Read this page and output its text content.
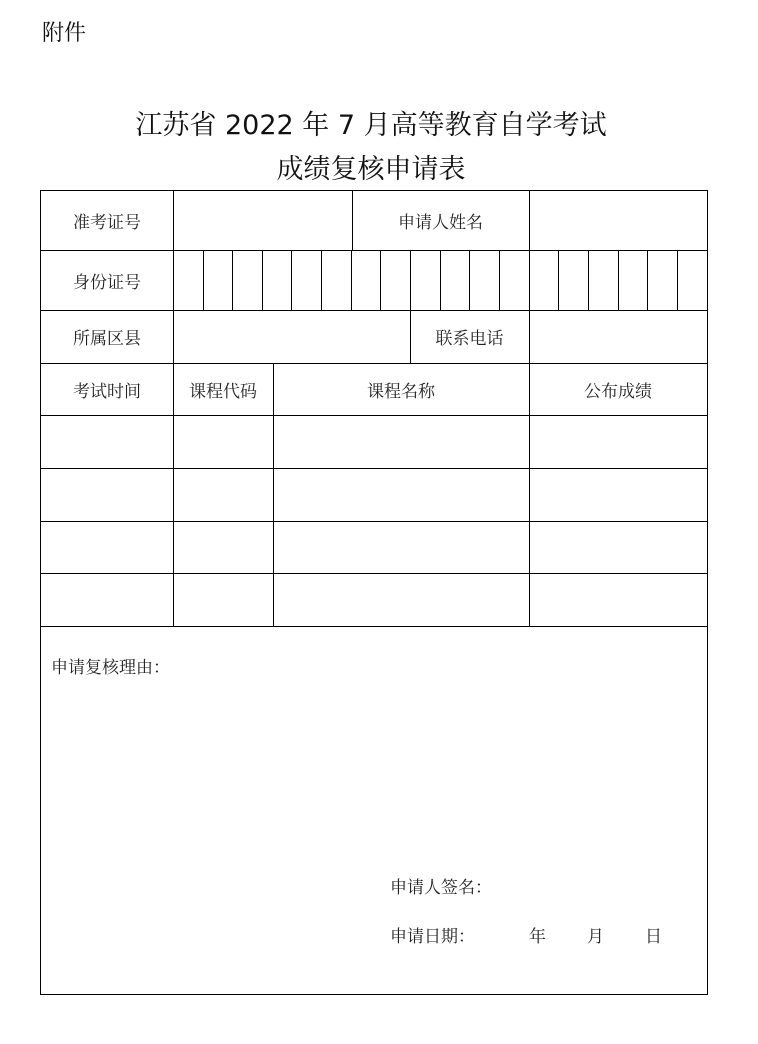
附件
江苏省 2022 年 7 月高等教育自学考试
成绩复核申请表
准考证号	申请人姓名
身份证号
所属区县	联系电话
考试时间	课程代码	课程名称	公布成绩
申请复核理由：
申请人签名：
申请日期：	年 月 日
